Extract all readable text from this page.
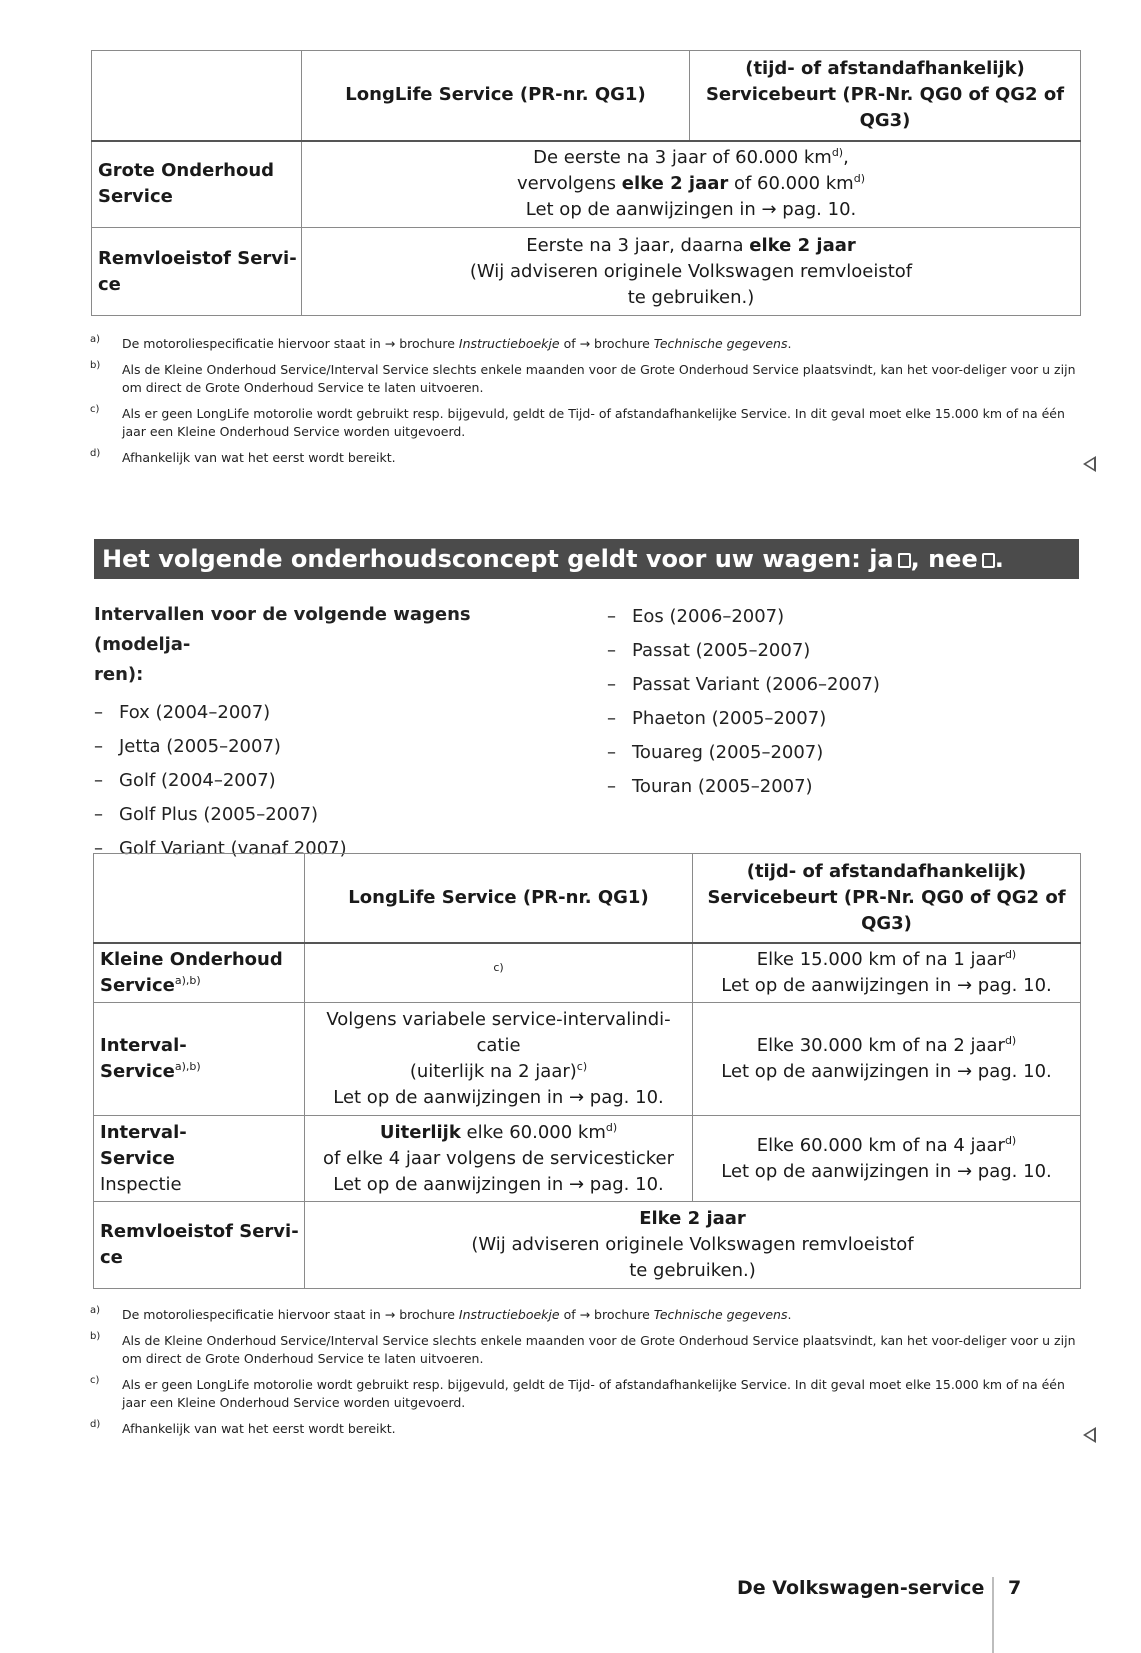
	LongLife Service (PR-nr. QG1)	(tijd- of afstandafhankelijk)
Servicebeurt (PR-Nr. QG0 of QG2 of
QG3)

Grote Onderhoud
Service	De eerste na 3 jaar of 60.000 $km^{d)}$,
vervolgens elke 2 jaar of 60.000 $km^{d)}$
Let op de aanwijzingen in → pag. 10.	

Remvloeistof Servi-
ce	Eerste na 3 jaar, daarna elke 2 jaar
(Wij adviseren originele Volkswagen remvloeistof
te gebruiken.)	
a) De motoroliespecificatie hiervoor staat in → brochure Instructieboekje of → brochure Technische gegevens.
b) Als de Kleine Onderhoud Service/Interval Service slechts enkele maanden voor de Grote Onderhoud Service plaatsvindt, kan het voor-deliger voor u zijn om direct de Grote Onderhoud Service te laten uitvoeren.
c) Als er geen LongLife motorolie wordt gebruikt resp. bijgevuld, geldt de Tijd- of afstandafhankelijke Service. In dit geval moet elke 15.000 km of na één jaar een Kleine Onderhoud Service worden uitgevoerd.
d) Afhankelijk van wat het eerst wordt bereikt.
Het volgende onderhoudsconcept geldt voor uw wagen: ja , nee .
Intervallen voor de volgende wagens (modelja-
ren):
– Fox (2004–2007)
– Jetta (2005–2007)
– Golf (2004–2007)
– Golf Plus (2005–2007)
– Golf Variant (vanaf 2007)
– Eos (2006–2007)
– Passat (2005–2007)
– Passat Variant (2006–2007)
– Phaeton (2005–2007)
– Touareg (2005–2007)
– Touran (2005–2007)
	LongLife Service (PR-nr. QG1)	(tijd- of afstandafhankelijk)
Servicebeurt (PR-Nr. QG0 of QG2 of
QG3)

Kleine Onderhoud
Service$^{a),b)}$	$^{c)}$	Elke 15.000 km of na 1 jaar$^{d)}$
Let op de aanwijzingen in → pag. 10.

Interval-
Service$^{a),b)}$	Volgens variabele service-intervalindi-
catie
(uiterlijk na 2 jaar)$^{c)}$
Let op de aanwijzingen in → pag. 10.	Elke 30.000 km of na 2 jaar$^{d)}$
Let op de aanwijzingen in → pag. 10.

Interval-
Service
Inspectie	Uiterlijk elke 60.000 $km^{d)}$
of elke 4 jaar volgens de servicesticker
Let op de aanwijzingen in → pag. 10.	Elke 60.000 km of na 4 jaar$^{d)}$
Let op de aanwijzingen in → pag. 10.

Remvloeistof Servi-
ce	Elke 2 jaar
(Wij adviseren originele Volkswagen remvloeistof
te gebruiken.)	
a) De motoroliespecificatie hiervoor staat in → brochure Instructieboekje of → brochure Technische gegevens.
b) Als de Kleine Onderhoud Service/Interval Service slechts enkele maanden voor de Grote Onderhoud Service plaatsvindt, kan het voor-deliger voor u zijn om direct de Grote Onderhoud Service te laten uitvoeren.
c) Als er geen LongLife motorolie wordt gebruikt resp. bijgevuld, geldt de Tijd- of afstandafhankelijke Service. In dit geval moet elke 15.000 km of na één jaar een Kleine Onderhoud Service worden uitgevoerd.
d) Afhankelijk van wat het eerst wordt bereikt.
De Volkswagen-service 7
